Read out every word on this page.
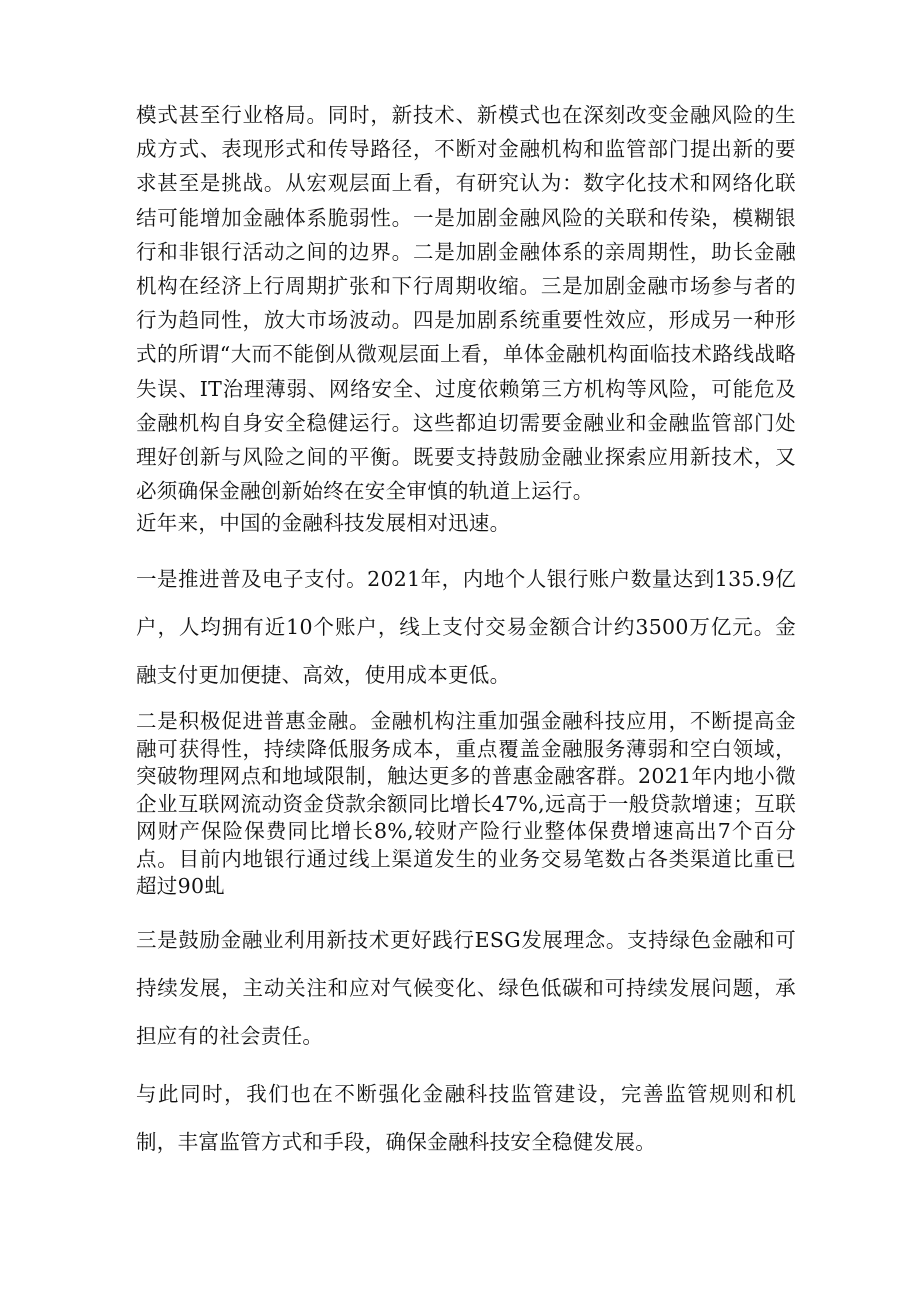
模式甚至行业格局。同时，新技术、新模式也在深刻改变金融风险的生成方式、表现形式和传导路径，不断对金融机构和监管部门提出新的要求甚至是挑战。从宏观层面上看，有研究认为：数字化技术和网络化联结可能增加金融体系脆弱性。一是加剧金融风险的关联和传染，模糊银行和非银行活动之间的边界。二是加剧金融体系的亲周期性，助长金融机构在经济上行周期扩张和下行周期收缩。三是加剧金融市场参与者的行为趋同性，放大市场波动。四是加剧系统重要性效应，形成另一种形式的所谓“大而不能倒从微观层面上看，单体金融机构面临技术路线战略失误、IT治理薄弱、网络安全、过度依赖第三方机构等风险，可能危及金融机构自身安全稳健运行。这些都迫切需要金融业和金融监管部门处理好创新与风险之间的平衡。既要支持鼓励金融业探索应用新技术，又必须确保金融创新始终在安全审慎的轨道上运行。

近年来，中国的金融科技发展相对迅速。

一是推进普及电子支付。2021年，内地个人银行账户数量达到135.9亿户，人均拥有近10个账户，线上支付交易金额合计约3500万亿元。金融支付更加便捷、高效，使用成本更低。

二是积极促进普惠金融。金融机构注重加强金融科技应用，不断提高金融可获得性，持续降低服务成本，重点覆盖金融服务薄弱和空白领域，突破物理网点和地域限制，触达更多的普惠金融客群。2021年内地小微企业互联网流动资金贷款余额同比增长47%,远高于一般贷款增速；互联网财产保险保费同比增长8%,较财产险行业整体保费增速高出7个百分点。目前内地银行通过线上渠道发生的业务交易笔数占各类渠道比重已超过90虬

三是鼓励金融业利用新技术更好践行ESG发展理念。支持绿色金融和可持续发展，主动关注和应对气候变化、绿色低碳和可持续发展问题，承担应有的社会责任。

与此同时，我们也在不断强化金融科技监管建设，完善监管规则和机制，丰富监管方式和手段，确保金融科技安全稳健发展。
